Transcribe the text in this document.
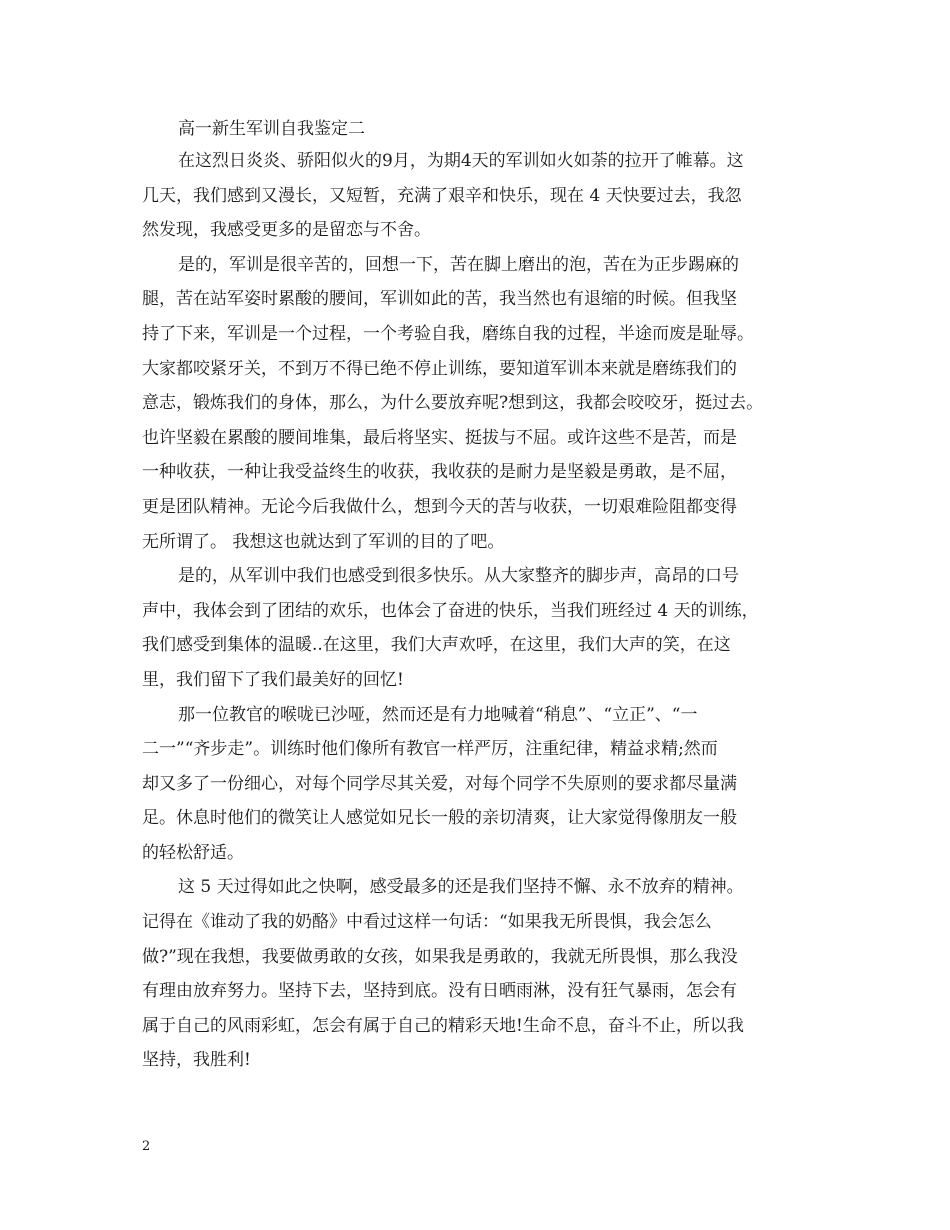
高一新生军训自我鉴定二
在这烈日炎炎、骄阳似火的9月，为期4天的军训如火如荼的拉开了帷幕。这
几天，我们感到又漫长，又短暂，充满了艰辛和快乐，现在 4 天快要过去，我忽
然发现，我感受更多的是留恋与不舍。
是的，军训是很辛苦的，回想一下，苦在脚上磨出的泡，苦在为正步踢麻的
腿，苦在站军姿时累酸的腰间，军训如此的苦，我当然也有退缩的时候。但我坚
持了下来，军训是一个过程，一个考验自我，磨练自我的过程，半途而废是耻辱。
大家都咬紧牙关，不到万不得已绝不停止训练，要知道军训本来就是磨练我们的
意志，锻炼我们的身体，那么，为什么要放弃呢?想到这，我都会咬咬牙，挺过去。
也许坚毅在累酸的腰间堆集，最后将坚实、挺拔与不屈。或许这些不是苦，而是
一种收获，一种让我受益终生的收获，我收获的是耐力是坚毅是勇敢，是不屈，
更是团队精神。无论今后我做什么，想到今天的苦与收获，一切艰难险阻都变得
无所谓了。 我想这也就达到了军训的目的了吧。
是的，从军训中我们也感受到很多快乐。从大家整齐的脚步声，高昂的口号
声中，我体会到了团结的欢乐，也体会了奋进的快乐，当我们班经过 4 天的训练，
我们感受到集体的温暖..在这里，我们大声欢呼，在这里，我们大声的笑，在这
里，我们留下了我们最美好的回忆!
那一位教官的喉咙已沙哑，然而还是有力地喊着“稍息”、“立正”、“一
二一”“齐步走”。训练时他们像所有教官一样严厉，注重纪律，精益求精;然而
却又多了一份细心，对每个同学尽其关爱，对每个同学不失原则的要求都尽量满
足。休息时他们的微笑让人感觉如兄长一般的亲切清爽，让大家觉得像朋友一般
的轻松舒适。
这 5 天过得如此之快啊，感受最多的还是我们坚持不懈、永不放弃的精神。
记得在《谁动了我的奶酪》中看过这样一句话：“如果我无所畏惧，我会怎么
做?”现在我想，我要做勇敢的女孩，如果我是勇敢的，我就无所畏惧，那么我没
有理由放弃努力。坚持下去，坚持到底。没有日晒雨淋，没有狂气暴雨，怎会有
属于自己的风雨彩虹，怎会有属于自己的精彩天地!生命不息，奋斗不止，所以我
坚持，我胜利!
2
